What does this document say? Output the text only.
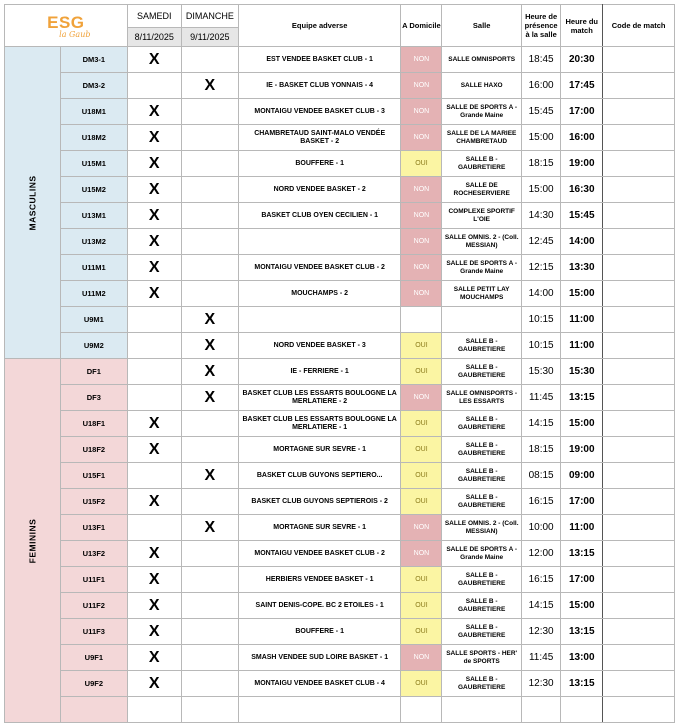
ESG
la Gaub		SAMEDI	DIMANCHE	Equipe adverse	A Domicile	Salle	Heure de présence à la salle	Heure du match	Code de match
		8/11/2025	9/11/2025						
MASCULINS	DM3-1	X		EST VENDEE BASKET CLUB - 1	NON	SALLE OMNISPORTS	18:45	20:30	
	DM3-2		X	IE - BASKET CLUB YONNAIS - 4	NON	SALLE HAXO	16:00	17:45	
	U18M1	X		MONTAIGU VENDEE BASKET CLUB - 3	NON	SALLE DE SPORTS A - Grande Maine	15:45	17:00	
	U18M2	X		CHAMBRETAUD SAINT-MALO VENDÉE BASKET - 2	NON	SALLE DE LA MARIEE CHAMBRETAUD	15:00	16:00	
	U15M1	X		BOUFFERE - 1	OUI	SALLE B - GAUBRETIERE	18:15	19:00	
	U15M2	X		NORD VENDEE BASKET - 2	NON	SALLE DE ROCHESERVIERE	15:00	16:30	
	U13M1	X		BASKET CLUB OYEN CECILIEN - 1	NON	COMPLEXE SPORTIF L'OIE	14:30	15:45	
	U13M2	X			NON	SALLE OMNIS. 2 - (Coll. MESSIAN)	12:45	14:00	
	U11M1	X		MONTAIGU VENDEE BASKET CLUB - 2	NON	SALLE DE SPORTS A - Grande Maine	12:15	13:30	
	U11M2	X		MOUCHAMPS - 2	NON	SALLE PETIT LAY MOUCHAMPS	14:00	15:00	
	U9M1		X				10:15	11:00	
	U9M2		X	NORD VENDEE BASKET - 3	OUI	SALLE B - GAUBRETIERE	10:15	11:00	
FEMININS	DF1		X	IE - FERRIERE - 1	OUI	SALLE B - GAUBRETIERE	15:30	15:30	
	DF3		X	BASKET CLUB LES ESSARTS BOULOGNE LA MERLATIERE - 2	NON	SALLE OMNISPORTS - LES ESSARTS	11:45	13:15	
	U18F1	X		BASKET CLUB LES ESSARTS BOULOGNE LA MERLATIERE - 1	OUI	SALLE B - GAUBRETIERE	14:15	15:00	
	U18F2	X		MORTAGNE SUR SEVRE - 1	OUI	SALLE B - GAUBRETIERE	18:15	19:00	
	U15F1		X	BASKET CLUB GUYONS SEPTIERO...	OUI	SALLE B - GAUBRETIERE	08:15	09:00	
	U15F2	X		BASKET CLUB GUYONS SEPTIEROIS - 2	OUI	SALLE B - GAUBRETIERE	16:15	17:00	
	U13F1		X	MORTAGNE SUR SEVRE - 1	NON	SALLE OMNIS. 2 - (Coll. MESSIAN)	10:00	11:00	
	U13F2	X		MONTAIGU VENDEE BASKET CLUB - 2	NON	SALLE DE SPORTS A - Grande Maine	12:00	13:15	
	U11F1	X		HERBIERS VENDEE BASKET - 1	OUI	SALLE B - GAUBRETIERE	16:15	17:00	
	U11F2	X		SAINT DENIS-COPE. BC 2 ETOILES - 1	OUI	SALLE B - GAUBRETIERE	14:15	15:00	
	U11F3	X		BOUFFERE - 1	OUI	SALLE B - GAUBRETIERE	12:30	13:15	
	U9F1	X		SMASH VENDEE SUD LOIRE BASKET - 1	NON	SALLE SPORTS - HER' de SPORTS	11:45	13:00	
	U9F2	X		MONTAIGU VENDEE BASKET CLUB - 4	OUI	SALLE B - GAUBRETIERE	12:30	13:15	
